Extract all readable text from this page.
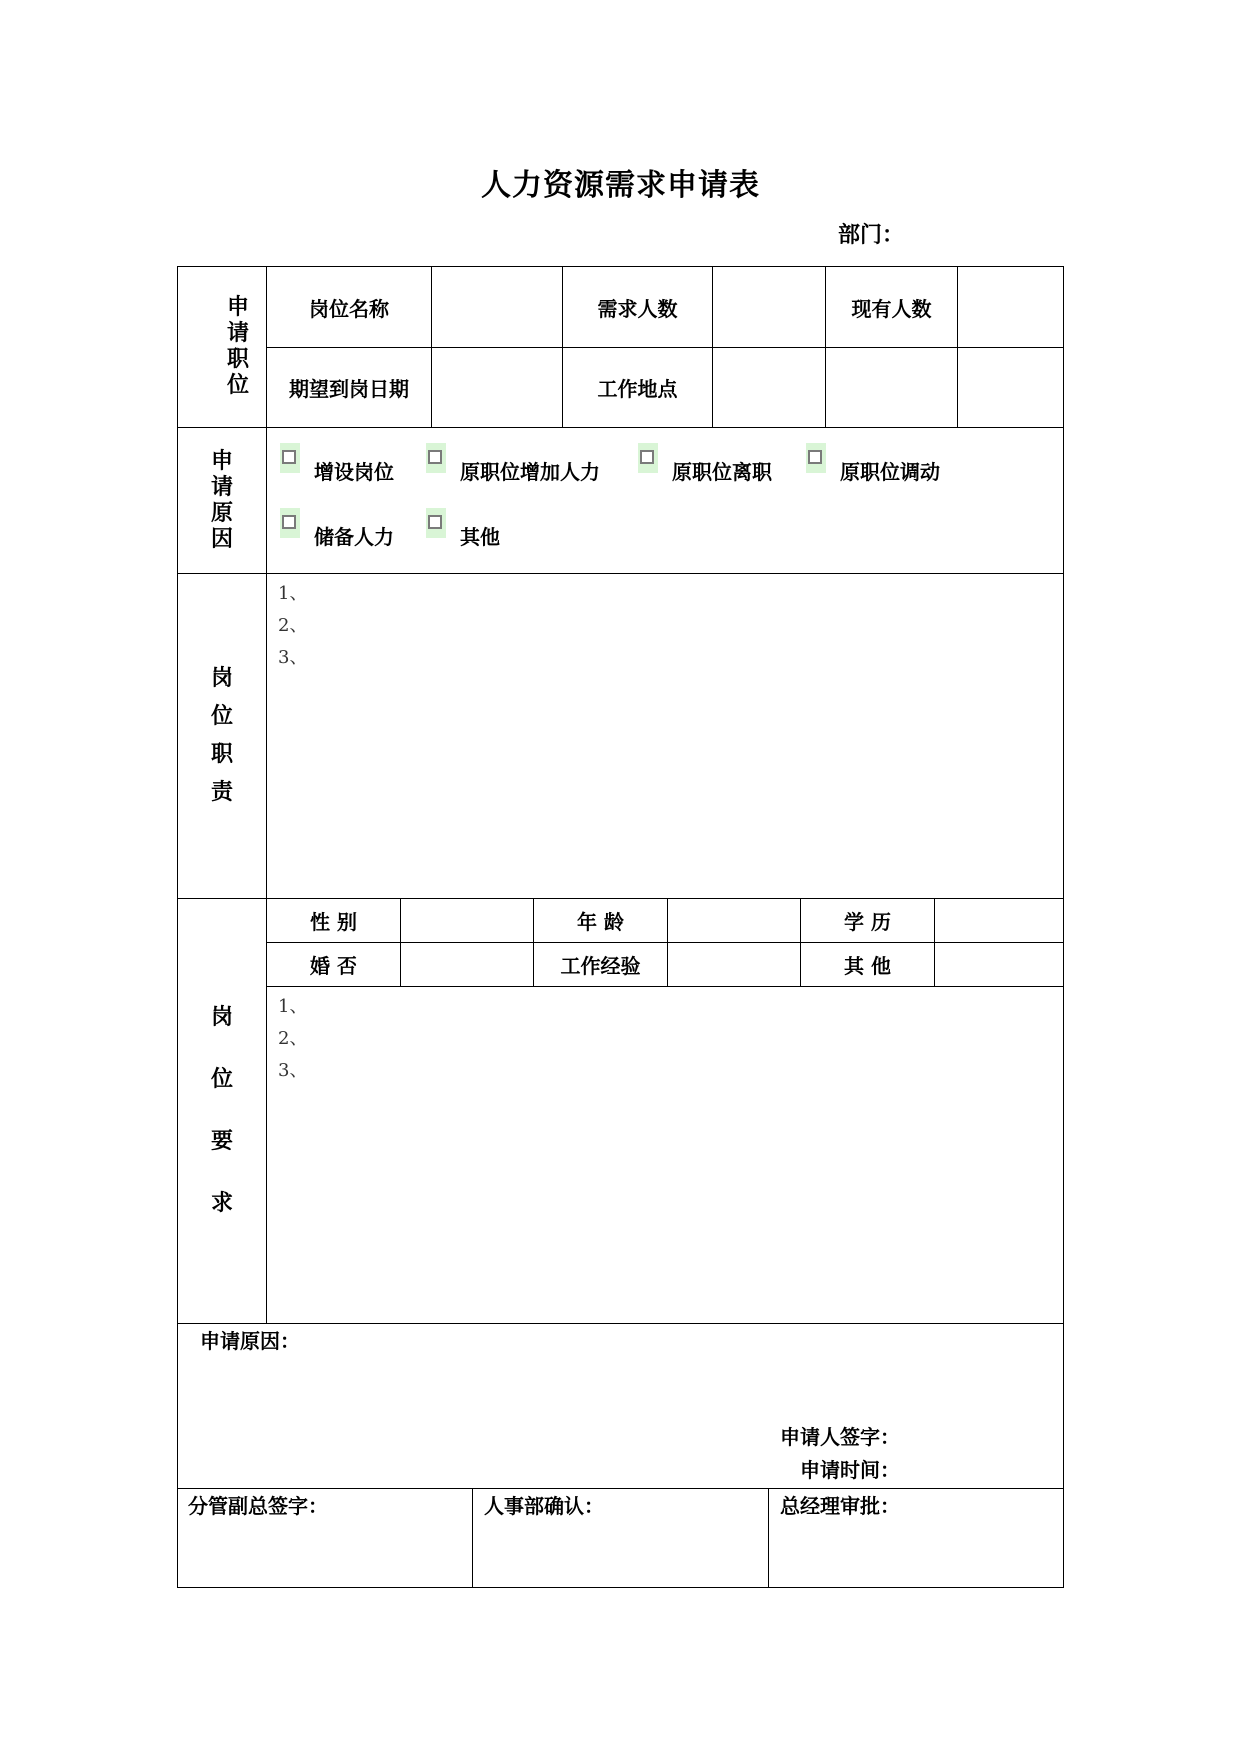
人力资源需求申请表
部门：
申
请
职
位
岗位名称	需求人数	现有人数
期望到岗日期	工作地点
申
请
原
因
增设岗位	原职位增加人力	原职位离职	原职位调动
储备人力	其他
岗
位
职
责
1、
2、
3、
岗
位
要
求
性 别	年 龄	学 历
婚 否	工作经验	其 他
1、
2、
3、
申请原因：
申请人签字：
申请时间：
分管副总签字：	人事部确认：	总经理审批：
